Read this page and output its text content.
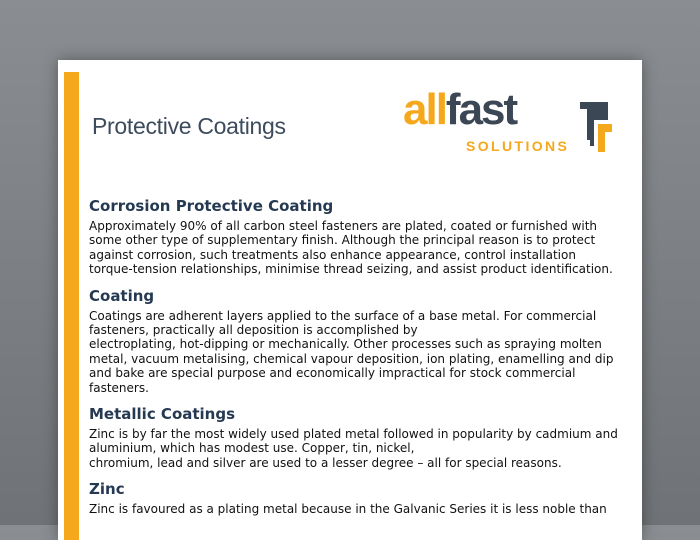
Protective Coatings	allfast
SOLUTIONS
Corrosion Protective Coating

Approximately 90% of all carbon steel fasteners are plated, coated or furnished with

some other type of supplementary finish. Although the principal reason is to protect

against corrosion, such treatments also enhance appearance, control installation

torque-tension relationships, minimise thread seizing, and assist product identification.

Coating

Coatings are adherent layers applied to the surface of a base metal. For commercial

fasteners, practically all deposition is accomplished by

electroplating, hot-dipping or mechanically. Other processes such as spraying molten

metal, vacuum metalising, chemical vapour deposition, ion plating, enamelling and dip

and bake are special purpose and economically impractical for stock commercial

fasteners.

Metallic Coatings

Zinc is by far the most widely used plated metal followed in popularity by cadmium and

aluminium, which has modest use. Copper, tin, nickel,

chromium, lead and silver are used to a lesser degree – all for special reasons.

Zinc

Zinc is favoured as a plating metal because in the Galvanic Series it is less noble than
